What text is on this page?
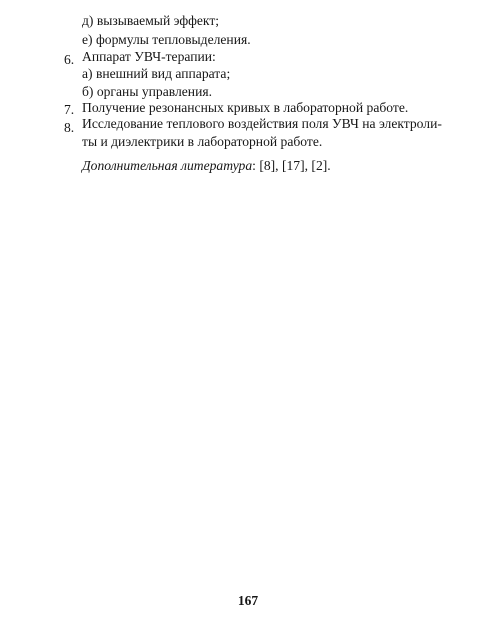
д) вызываемый эффект;
е) формулы тепловыделения.
6. Аппарат УВЧ-терапии:
а) внешний вид аппарата;
б) органы управления.
7. Получение резонансных кривых в лабораторной работе.
8. Исследование теплового воздействия поля УВЧ на электроли-
ты и диэлектрики в лабораторной работе.
Дополнительная литература: [8], [17], [2].
167
